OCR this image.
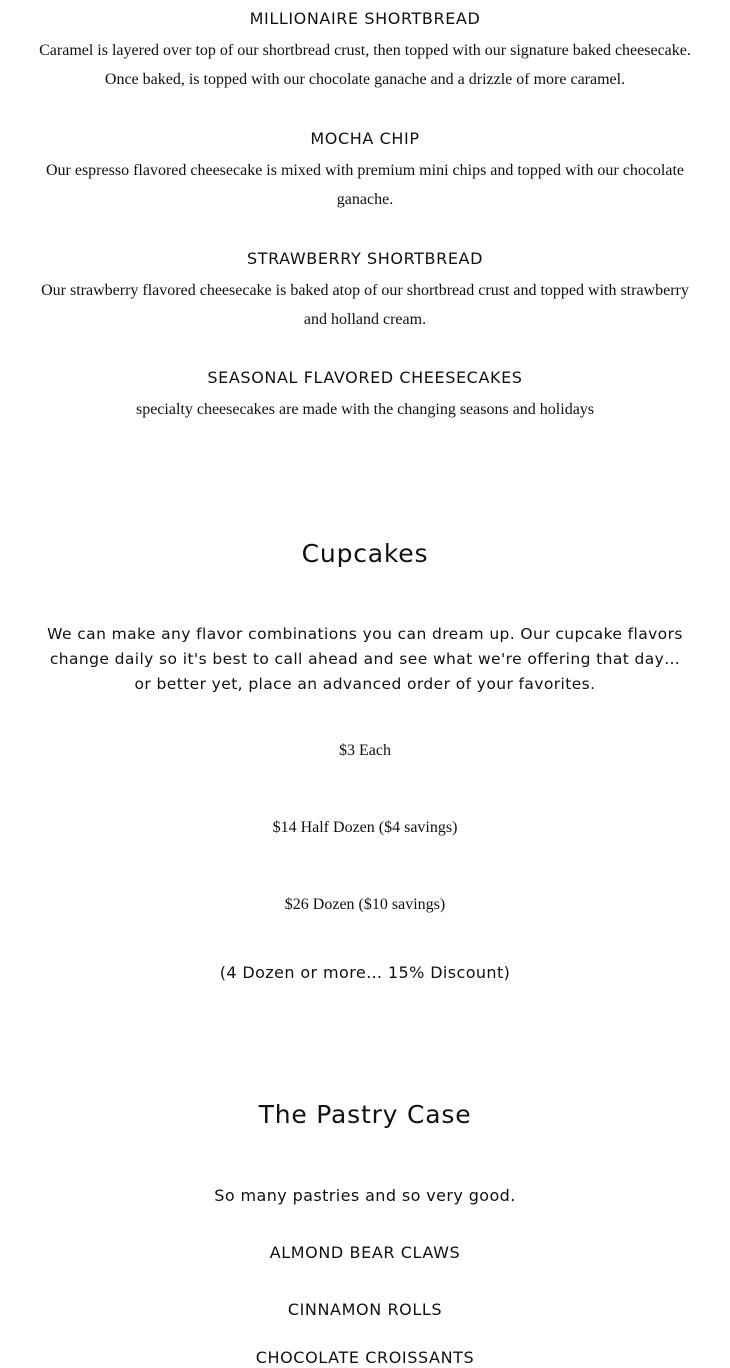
MILLIONAIRE SHORTBREAD

Caramel is layered over top of our shortbread crust, then topped with our signature baked cheesecake. Once baked, is topped with our chocolate ganache and a drizzle of more caramel.

MOCHA CHIP

Our espresso flavored cheesecake is mixed with premium mini chips and topped with our chocolate ganache.

STRAWBERRY SHORTBREAD

Our strawberry flavored cheesecake is baked atop of our shortbread crust and topped with strawberry and holland cream.

SEASONAL FLAVORED CHEESECAKES

specialty cheesecakes are made with the changing seasons and holidays

Cupcakes

We can make any flavor combinations you can dream up. Our cupcake flavors change daily so it's best to call ahead and see what we're offering that day… or better yet, place an advanced order of your favorites.

$3 Each

$14 Half Dozen ($4 savings)

$26 Dozen ($10 savings)

(4 Dozen or more… 15% Discount)

The Pastry Case

So many pastries and so very good.

ALMOND BEAR CLAWS

CINNAMON ROLLS

CHOCOLATE CROISSANTS
